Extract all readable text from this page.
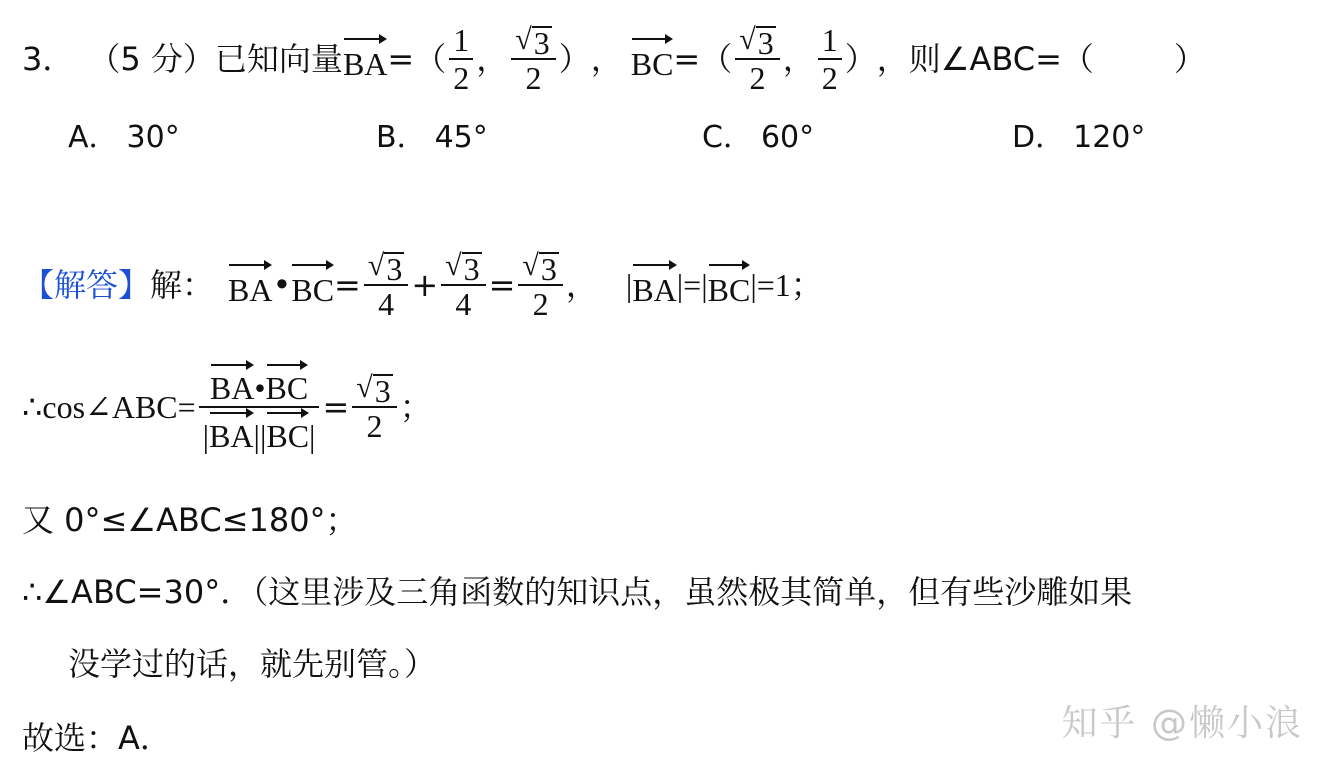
3． （5 分） 已知向量 BA =（ $\frac{1}{2}$ ， $\frac{√ 3}{2}$ ） ， BC =（ $\frac{√ 3}{2}$ ， $\frac{1}{2}$ ） ，则∠ABC=（	）
A． 30°	B． 45°	C． 60°	D． 120°
【解答】 解： BA • BC = $\frac{√ 3}{4} + \frac{√ 3}{4} = \frac{√ 3}{2}$ ， | BA |=| BC |=1；
∴ cos∠ABC= $\frac{BA•BC}{|BA||BC|} = \frac{√ 3}{2}$ ；
又 0°≤∠ABC≤180°；
∴∠ABC=30°．（这里涉及三角函数的知识点，虽然极其简单，但有些沙雕如果
没学过的话，就先别管。）
故选：A．	知乎 @懒小浪
